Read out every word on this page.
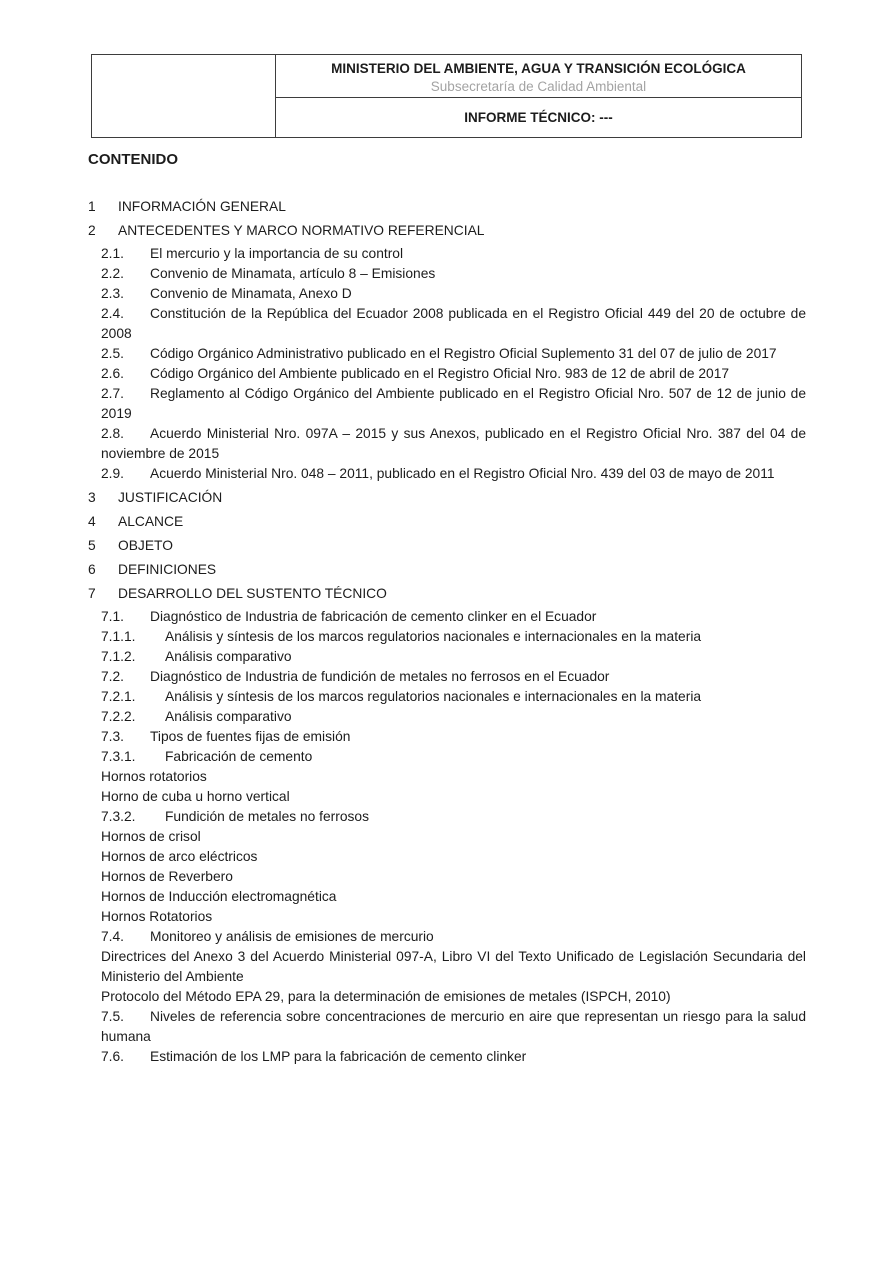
MINISTERIO DEL AMBIENTE, AGUA Y TRANSICIÓN ECOLÓGICA
Subsecretaría de Calidad Ambiental
INFORME TÉCNICO: ---
CONTENIDO
1 INFORMACIÓN GENERAL
2 ANTECEDENTES Y MARCO NORMATIVO REFERENCIAL
2.1. El mercurio y la importancia de su control
2.2. Convenio de Minamata, artículo 8 – Emisiones
2.3. Convenio de Minamata, Anexo D
2.4. Constitución de la República del Ecuador 2008 publicada en el Registro Oficial 449 del 20 de octubre de 2008
2.5. Código Orgánico Administrativo publicado en el Registro Oficial Suplemento 31 del 07 de julio de 2017
2.6. Código Orgánico del Ambiente publicado en el Registro Oficial Nro. 983 de 12 de abril de 2017
2.7. Reglamento al Código Orgánico del Ambiente publicado en el Registro Oficial Nro. 507 de 12 de junio de 2019
2.8. Acuerdo Ministerial Nro. 097A – 2015 y sus Anexos, publicado en el Registro Oficial Nro. 387 del 04 de noviembre de 2015
2.9. Acuerdo Ministerial Nro. 048 – 2011, publicado en el Registro Oficial Nro. 439 del 03 de mayo de 2011
3 JUSTIFICACIÓN
4 ALCANCE
5 OBJETO
6 DEFINICIONES
7 DESARROLLO DEL SUSTENTO TÉCNICO
7.1. Diagnóstico de Industria de fabricación de cemento clinker en el Ecuador
7.1.1. Análisis y síntesis de los marcos regulatorios nacionales e internacionales en la materia
7.1.2. Análisis comparativo
7.2. Diagnóstico de Industria de fundición de metales no ferrosos en el Ecuador
7.2.1. Análisis y síntesis de los marcos regulatorios nacionales e internacionales en la materia
7.2.2. Análisis comparativo
7.3. Tipos de fuentes fijas de emisión
7.3.1. Fabricación de cemento
Hornos rotatorios
Horno de cuba u horno vertical
7.3.2. Fundición de metales no ferrosos
Hornos de crisol
Hornos de arco eléctricos
Hornos de Reverbero
Hornos de Inducción electromagnética
Hornos Rotatorios
7.4. Monitoreo y análisis de emisiones de mercurio
Directrices del Anexo 3 del Acuerdo Ministerial 097-A, Libro VI del Texto Unificado de Legislación Secundaria del Ministerio del Ambiente
Protocolo del Método EPA 29, para la determinación de emisiones de metales (ISPCH, 2010)
7.5. Niveles de referencia sobre concentraciones de mercurio en aire que representan un riesgo para la salud humana
7.6. Estimación de los LMP para la fabricación de cemento clinker
